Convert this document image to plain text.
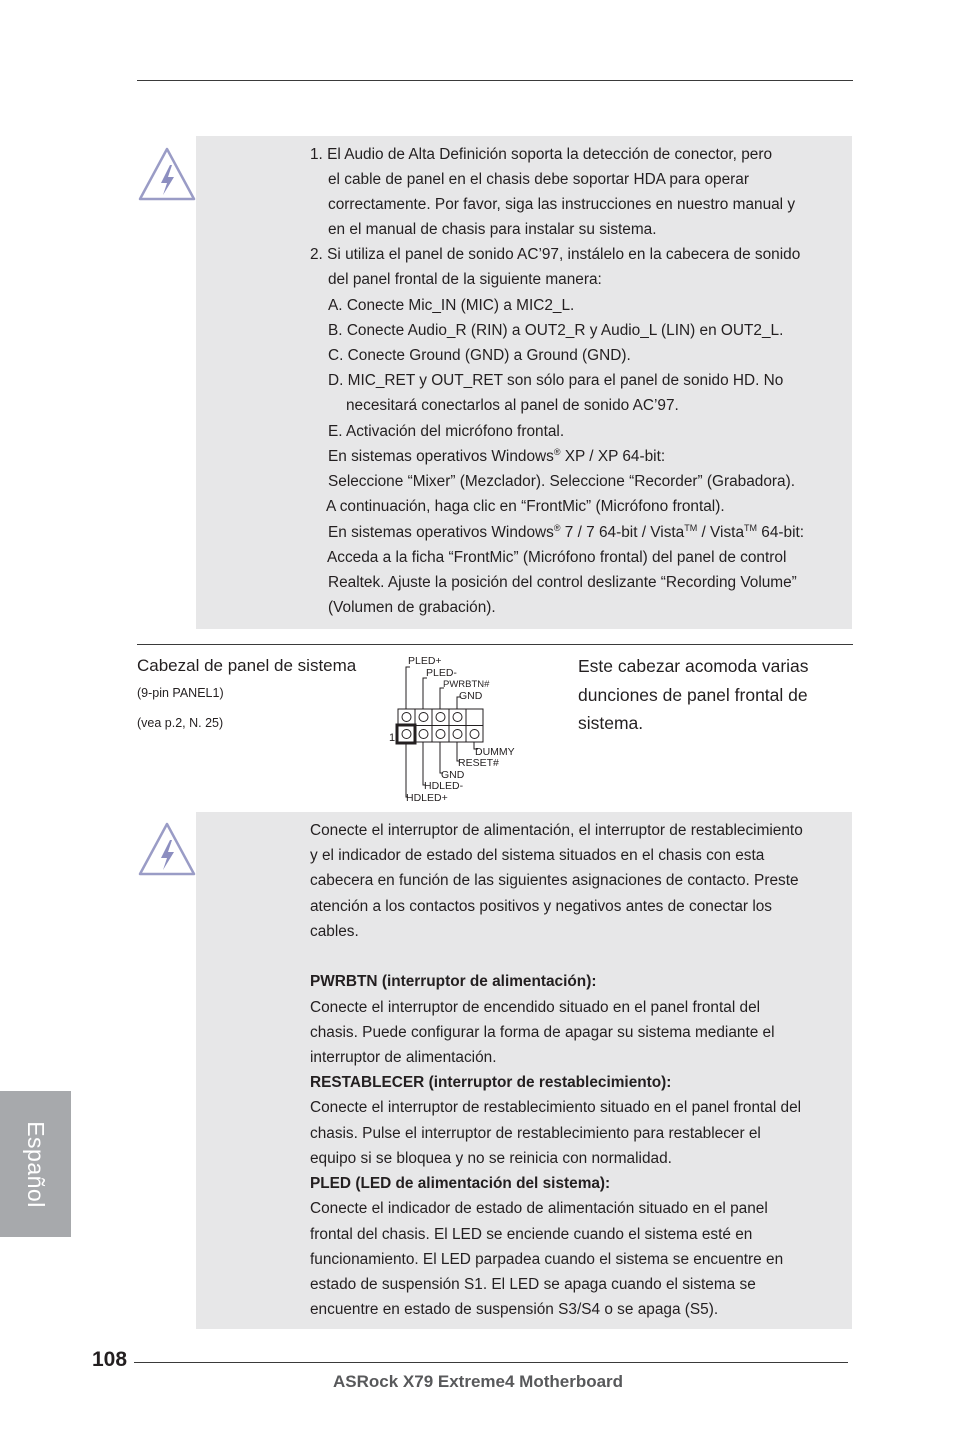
1. El Audio de Alta Definición soporta la detección de conector, pero
el cable de panel en el chasis debe soportar HDA para operar
correctamente. Por favor, siga las instrucciones en nuestro manual y
en el manual de chasis para instalar su sistema.
2. Si utiliza el panel de sonido AC’97, instálelo en la cabecera de sonido
del panel frontal de la siguiente manera:
A. Conecte Mic_IN (MIC) a MIC2_L.
B. Conecte Audio_R (RIN) a OUT2_R y Audio_L (LIN) en OUT2_L.
C. Conecte Ground (GND) a Ground (GND).
D. MIC_RET y OUT_RET son sólo para el panel de sonido HD. No
necesitará conectarlos al panel de sonido AC’97.
E. Activación del micrófono frontal.
En sistemas operativos Windows® XP / XP 64-bit:
Seleccione “Mixer” (Mezclador). Seleccione “Recorder” (Grabadora).
A continuación, haga clic en “FrontMic” (Micrófono frontal).
En sistemas operativos Windows® 7 / 7 64-bit / Vista™ / Vista™ 64-bit:
Acceda a la ficha “FrontMic” (Micrófono frontal) del panel de control
Realtek. Ajuste la posición del control deslizante “Recording Volume”
(Volumen de grabación).
Cabezal de panel de sistema
(9-pin PANEL1)
(vea p.2, N. 25)
Este cabezar acomoda varias
dunciones de panel frontal de
sistema.
PLED+
PLED-
PWRBTN#
GND
1
DUMMY
RESET#
GND
HDLED-
HDLED+
Conecte el interruptor de alimentación, el interruptor de restablecimiento
y el indicador de estado del sistema situados en el chasis con esta
cabecera en función de las siguientes asignaciones de contacto. Preste
atención a los contactos positivos y negativos antes de conectar los
cables.
PWRBTN (interruptor de alimentación):
Conecte el interruptor de encendido situado en el panel frontal del
chasis. Puede configurar la forma de apagar su sistema mediante el
interruptor de alimentación.
RESTABLECER (interruptor de restablecimiento):
Conecte el interruptor de restablecimiento situado en el panel frontal del
chasis. Pulse el interruptor de restablecimiento para restablecer el
equipo si se bloquea y no se reinicia con normalidad.
PLED (LED de alimentación del sistema):
Conecte el indicador de estado de alimentación situado en el panel
frontal del chasis. El LED se enciende cuando el sistema esté en
funcionamiento. El LED parpadea cuando el sistema se encuentre en
estado de suspensión S1. El LED se apaga cuando el sistema se
encuentre en estado de suspensión S3/S4 o se apaga (S5).
Español
108
ASRock X79 Extreme4 Motherboard
